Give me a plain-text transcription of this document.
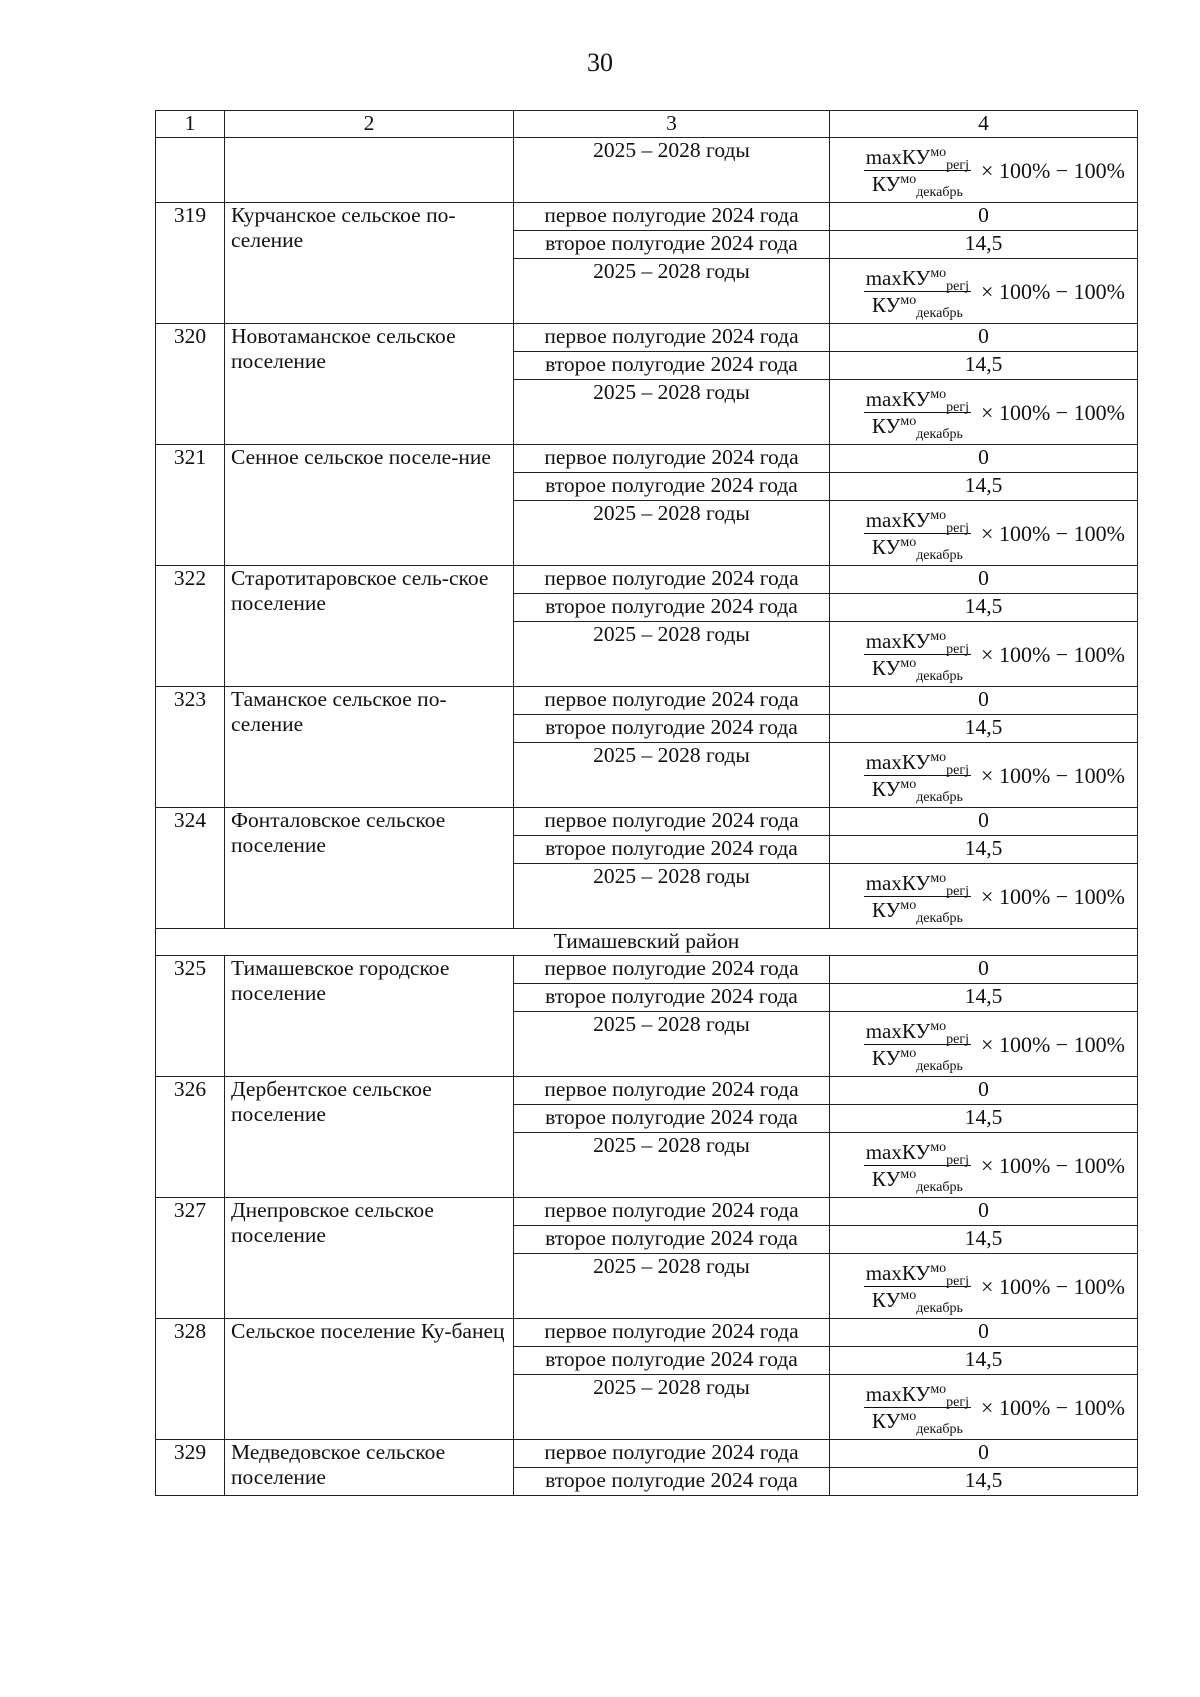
30
1	2	3	4
		2025 – 2028 годы	$\frac{\max КУ^{мо}_{регj}}{КУ^{мо}_{декабрь}} \times 100\% - 100\%$

319	Курчанское сельское по-селение	первое полугодие 2024 года	0
		второе полугодие 2024 года	14,5
		2025 – 2028 годы	$\frac{\max КУ^{мо}_{регj}}{КУ^{мо}_{декабрь}} \times 100\% - 100\%$

320	Новотаманское сельское поселение	первое полугодие 2024 года	0
		второе полугодие 2024 года	14,5
		2025 – 2028 годы	$\frac{\max КУ^{мо}_{регj}}{КУ^{мо}_{декабрь}} \times 100\% - 100\%$

321	Сенное сельское поселе-ние	первое полугодие 2024 года	0
		второе полугодие 2024 года	14,5
		2025 – 2028 годы	$\frac{\max КУ^{мо}_{регj}}{КУ^{мо}_{декабрь}} \times 100\% - 100\%$

322	Старотитаровское сель-ское поселение	первое полугодие 2024 года	0
		второе полугодие 2024 года	14,5
		2025 – 2028 годы	$\frac{\max КУ^{мо}_{регj}}{КУ^{мо}_{декабрь}} \times 100\% - 100\%$

323	Таманское сельское по-селение	первое полугодие 2024 года	0
		второе полугодие 2024 года	14,5
		2025 – 2028 годы	$\frac{\max КУ^{мо}_{регj}}{КУ^{мо}_{декабрь}} \times 100\% - 100\%$

324	Фонталовское сельское поселение	первое полугодие 2024 года	0
		второе полугодие 2024 года	14,5
		2025 – 2028 годы	$\frac{\max КУ^{мо}_{регj}}{КУ^{мо}_{декабрь}} \times 100\% - 100\%$

Тимашевский район			
325	Тимашевское городское поселение	первое полугодие 2024 года	0
		второе полугодие 2024 года	14,5
		2025 – 2028 годы	$\frac{\max КУ^{мо}_{регj}}{КУ^{мо}_{декабрь}} \times 100\% - 100\%$

326	Дербентское сельское поселение	первое полугодие 2024 года	0
		второе полугодие 2024 года	14,5
		2025 – 2028 годы	$\frac{\max КУ^{мо}_{регj}}{КУ^{мо}_{декабрь}} \times 100\% - 100\%$

327	Днепровское сельское поселение	первое полугодие 2024 года	0
		второе полугодие 2024 года	14,5
		2025 – 2028 годы	$\frac{\max КУ^{мо}_{регj}}{КУ^{мо}_{декабрь}} \times 100\% - 100\%$

328	Сельское поселение Ку-банец	первое полугодие 2024 года	0
		второе полугодие 2024 года	14,5
		2025 – 2028 годы	$\frac{\max КУ^{мо}_{регj}}{КУ^{мо}_{декабрь}} \times 100\% - 100\%$

329	Медведовское сельское поселение	первое полугодие 2024 года	0
		второе полугодие 2024 года	14,5
